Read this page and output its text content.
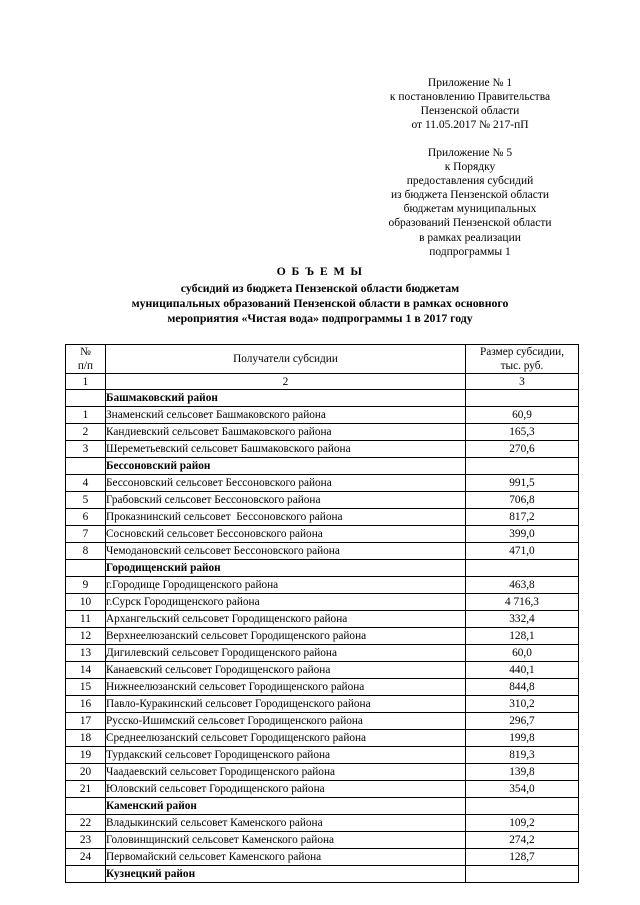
Приложение № 1
к постановлению Правительства
Пензенской области
от 11.05.2017 № 217-пП
Приложение № 5
к Порядку
предоставления субсидий
из бюджета Пензенской области
бюджетам муниципальных
образований Пензенской области
в рамках реализации
подпрограммы 1
О Б Ъ Е М Ы
субсидий из бюджета Пензенской области бюджетам
муниципальных образований Пензенской области в рамках основного
мероприятия «Чистая вода» подпрограммы 1 в 2017 году
№
п/п	Получатели субсидии	Размер субсидии,
тыс. руб.

1	2	3
	Башмаковский район	
1	Знаменский сельсовет Башмаковского района	60,9
2	Кандиевский сельсовет Башмаковского района	165,3
3	Шереметьевский сельсовет Башмаковского района	270,6
	Бессоновский район	
4	Бессоновский сельсовет Бессоновского района	991,5
5	Грабовский сельсовет Бессоновского района	706,8
6	Проказнинский сельсовет  Бессоновского района	817,2
7	Сосновский сельсовет Бессоновского района	399,0
8	Чемодановский сельсовет Бессоновского района	471,0
	Городищенский район	
9	г.Городище Городищенского района	463,8
10	г.Сурск Городищенского района	4 716,3
11	Архангельский сельсовет Городищенского района	332,4
12	Верхнеелюзанский сельсовет Городищенского района	128,1
13	Дигилевский сельсовет Городищенского района	60,0
14	Канаевский сельсовет Городищенского района	440,1
15	Нижнеелюзанский сельсовет Городищенского района	844,8
16	Павло-Куракинский сельсовет Городищенского района	310,2
17	Русско-Ишимский сельсовет Городищенского района	296,7
18	Среднеелюзанский сельсовет Городищенского района	199,8
19	Турдакский сельсовет Городищенского района	819,3
20	Чаадаевский сельсовет Городищенского района	139,8
21	Юловский сельсовет Городищенского района	354,0
	Каменский район	
22	Владыкинский сельсовет Каменского района	109,2
23	Головинщинский сельсовет Каменского района	274,2
24	Первомайский сельсовет Каменского района	128,7
	Кузнецкий район	
